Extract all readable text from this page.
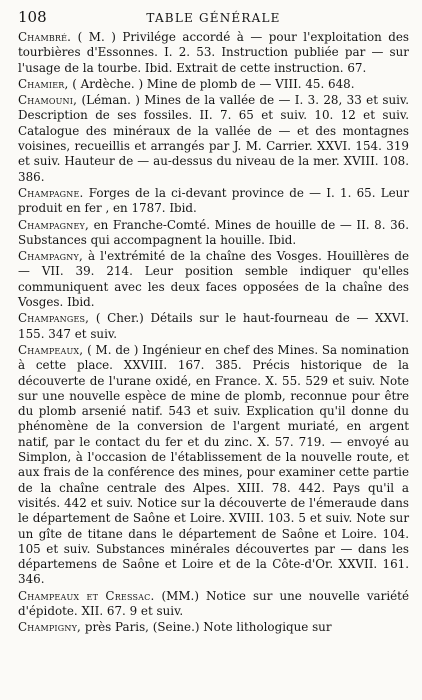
108	TABLE GÉNÉRALE

Chambré. ( M. ) Privilége accordé à — pour l'exploitation des tourbières d'Essonnes. I. 2. 53. Instruction publiée par — sur l'usage de la tourbe. Ibid. Extrait de cette instruction. 67.

Chamier, ( Ardèche. ) Mine de plomb de — VIII. 45. 648.

Chamouni, (Léman. ) Mines de la vallée de — I. 3. 28, 33 et suiv. Description de ses fossiles. II. 7. 65 et suiv. 10. 12 et suiv. Catalogue des minéraux de la vallée de — et des montagnes voisines, recueillis et arrangés par J. M. Carrier. XXVI. 154. 319 et suiv. Hauteur de — au-dessus du niveau de la mer. XVIII. 108. 386.

Champagne. Forges de la ci-devant province de — I. 1. 65. Leur produit en fer , en 1787. Ibid.

Champagney, en Franche-Comté. Mines de houille de — II. 8. 36. Substances qui accompagnent la houille. Ibid.

Champagny, à l'extrémité de la chaîne des Vosges. Houillères de — VII. 39. 214. Leur position semble indiquer qu'elles communiquent avec les deux faces opposées de la chaîne des Vosges. Ibid.

Champanges, ( Cher.) Détails sur le haut-fourneau de — XXVI. 155. 347 et suiv.

Champeaux, ( M. de ) Ingénieur en chef des Mines. Sa nomination à cette place. XXVIII. 167. 385. Précis historique de la découverte de l'urane oxidé, en France. X. 55. 529 et suiv. Note sur une nouvelle espèce de mine de plomb, reconnue pour être du plomb arsenié natif. 543 et suiv. Explication qu'il donne du phénomène de la conversion de l'argent muriaté, en argent natif, par le contact du fer et du zinc. X. 57. 719. — envoyé au Simplon, à l'occasion de l'établissement de la nouvelle route, et aux frais de la conférence des mines, pour examiner cette partie de la chaîne centrale des Alpes. XIII. 78. 442. Pays qu'il a visités. 442 et suiv. Notice sur la découverte de l'émeraude dans le département de Saône et Loire. XVIII. 103. 5 et suiv. Note sur un gîte de titane dans le département de Saône et Loire. 104. 105 et suiv. Substances minérales découvertes par — dans les départemens de Saône et Loire et de la Côte-d'Or. XXVII. 161. 346.

Champeaux et Cressac. (MM.) Notice sur une nouvelle variété d'épidote. XII. 67. 9 et suiv.

Champigny, près Paris, (Seine.) Note lithologique sur
